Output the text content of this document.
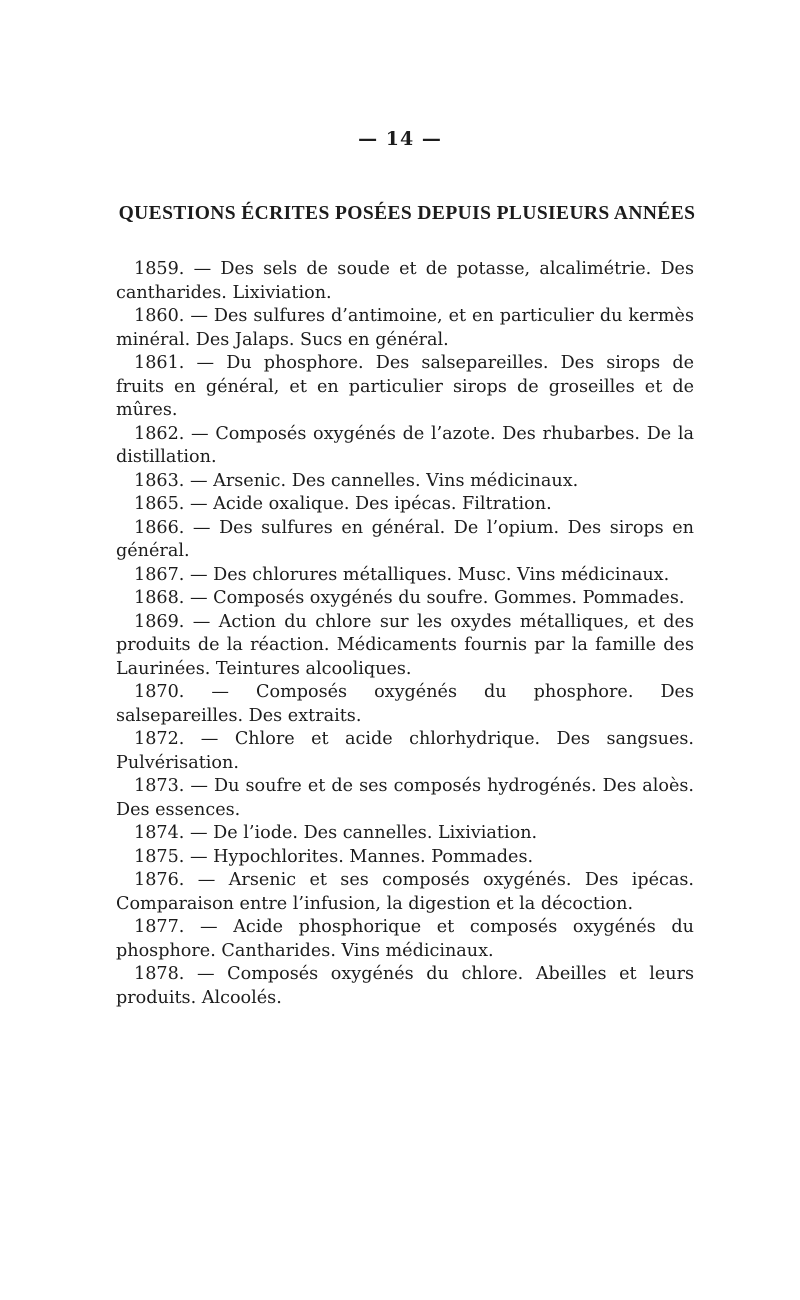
— 14 —
QUESTIONS ÉCRITES POSÉES DEPUIS PLUSIEURS ANNÉES

1859. — Des sels de soude et de potasse, alcalimétrie. Des cantharides. Lixiviation.

1860. — Des sulfures d’antimoine, et en particulier du kermès minéral. Des Jalaps. Sucs en général.

1861. — Du phosphore. Des salsepareilles. Des sirops de fruits en général, et en particulier sirops de groseilles et de mûres.

1862. — Composés oxygénés de l’azote. Des rhubarbes. De la distillation.

1863. — Arsenic. Des cannelles. Vins médicinaux.

1865. — Acide oxalique. Des ipécas. Filtration.

1866. — Des sulfures en général. De l’opium. Des sirops en général.

1867. — Des chlorures métalliques. Musc. Vins médicinaux.

1868. — Composés oxygénés du soufre. Gommes. Pommades.

1869. — Action du chlore sur les oxydes métalliques, et des produits de la réaction. Médicaments fournis par la famille des Laurinées. Teintures alcooliques.

1870. — Composés oxygénés du phosphore. Des salsepareilles. Des extraits.

1872. — Chlore et acide chlorhydrique. Des sangsues. Pulvérisation.

1873. — Du soufre et de ses composés hydrogénés. Des aloès. Des essences.

1874. — De l’iode. Des cannelles. Lixiviation.

1875. — Hypochlorites. Mannes. Pommades.

1876. — Arsenic et ses composés oxygénés. Des ipécas. Comparaison entre l’infusion, la digestion et la décoction.

1877. — Acide phosphorique et composés oxygénés du phosphore. Cantharides. Vins médicinaux.

1878. — Composés oxygénés du chlore. Abeilles et leurs produits. Alcoolés.
